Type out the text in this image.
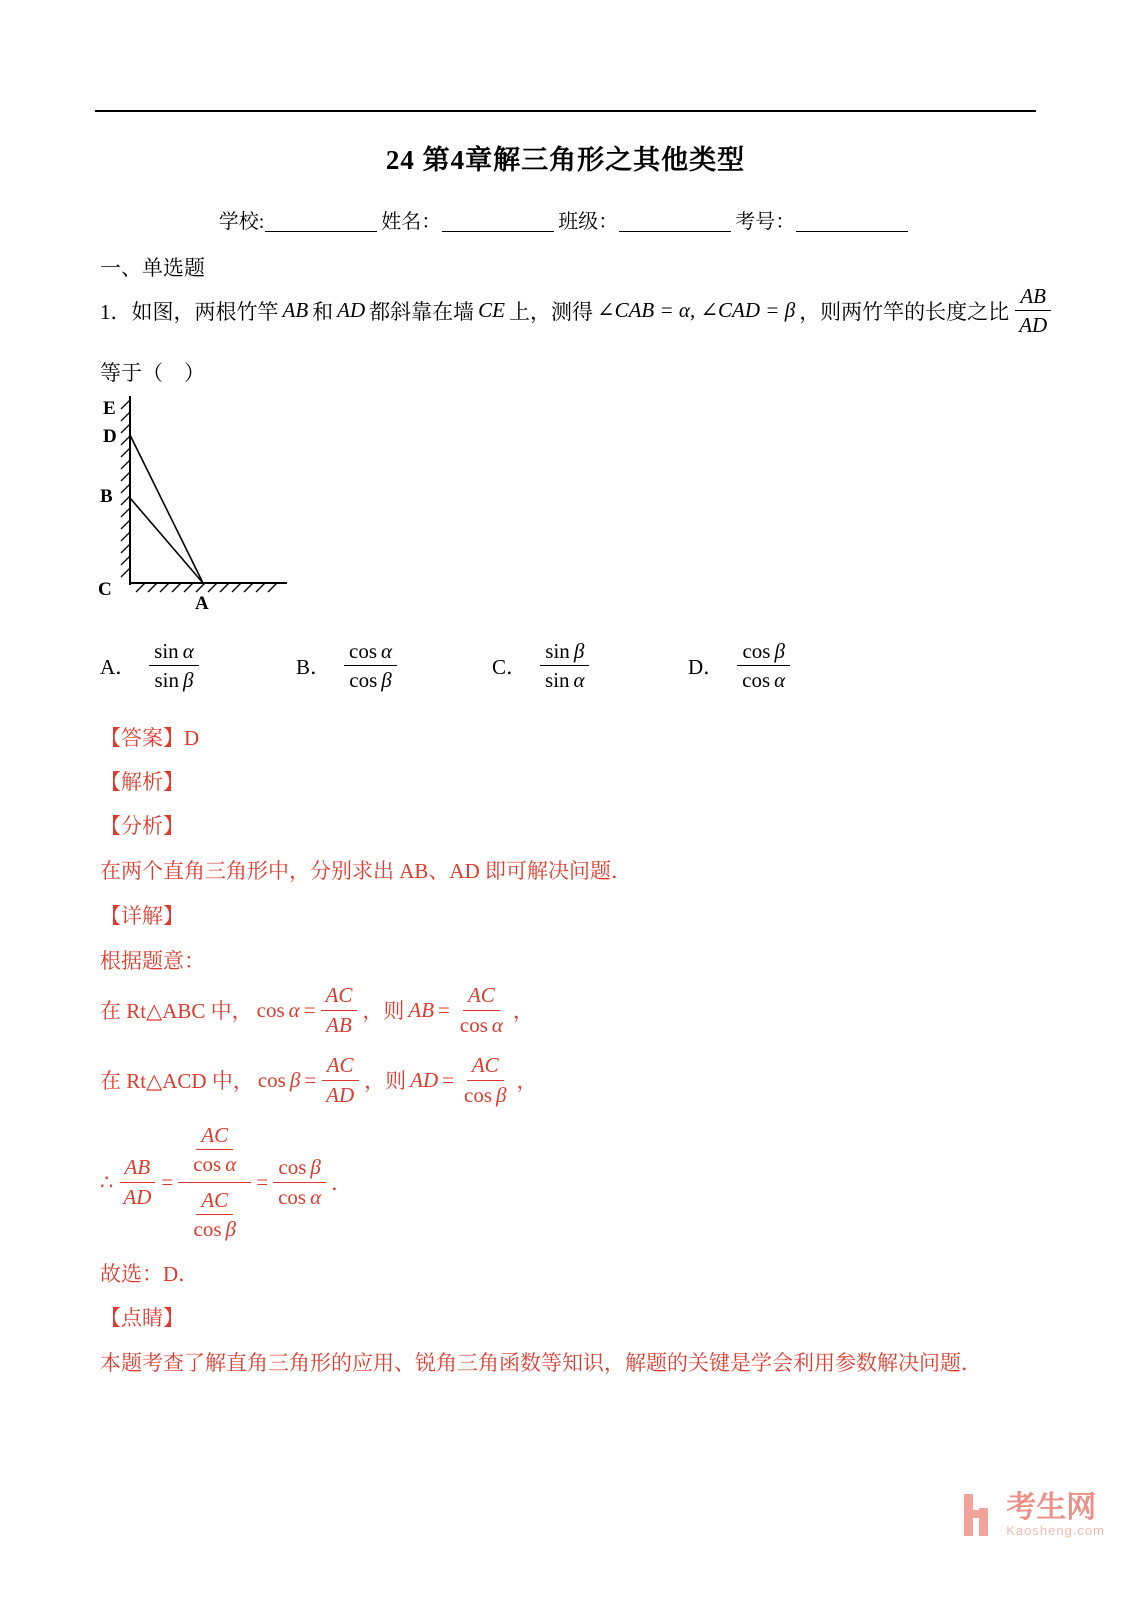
24 第4章解三角形之其他类型
学校:	姓名：	班级：	考号：
一、单选题
1．如图，两根竹竿 AB 和 AD 都斜靠在墙 CE 上，测得 ∠CAB = α, ∠CAD = β ，则两竹竿的长度之比 $\frac{AB}{AD}$
等于（　）
E
D
B
C
A
A． $\frac{\text{sin α}}{\text{sin β}}$	B． $\frac{\text{cos α}}{\text{cos β}}$	C． $\frac{\text{sin β}}{\text{sin α}}$	D． $\frac{\text{cos β}}{\text{cos α}}$
【答案】D
【解析】
【分析】
在两个直角三角形中，分别求出 AB、AD 即可解决问题．
【详解】
根据题意：
在 Rt△ABC 中， $\cos \alpha = \frac{AC}{AB}$ ，则 AB = $\frac{AC}{\text{cos α}}$ ，
在 Rt△ACD 中， $\cos \beta = \frac{AC}{AD}$ ，则 AD = $\frac{AC}{\text{cos β}}$ ，
∴ $\frac{AB}{AD} = \frac{\frac{AC}{\text{cos α}}}{\frac{AC}{\text{cos β}}} = \frac{\text{cos β}}{\text{cos α}}$ ．
故选：D．
【点睛】
本题考查了解直角三角形的应用、锐角三角函数等知识，解题的关键是学会利用参数解决问题．
考生网
Kaosheng.com
